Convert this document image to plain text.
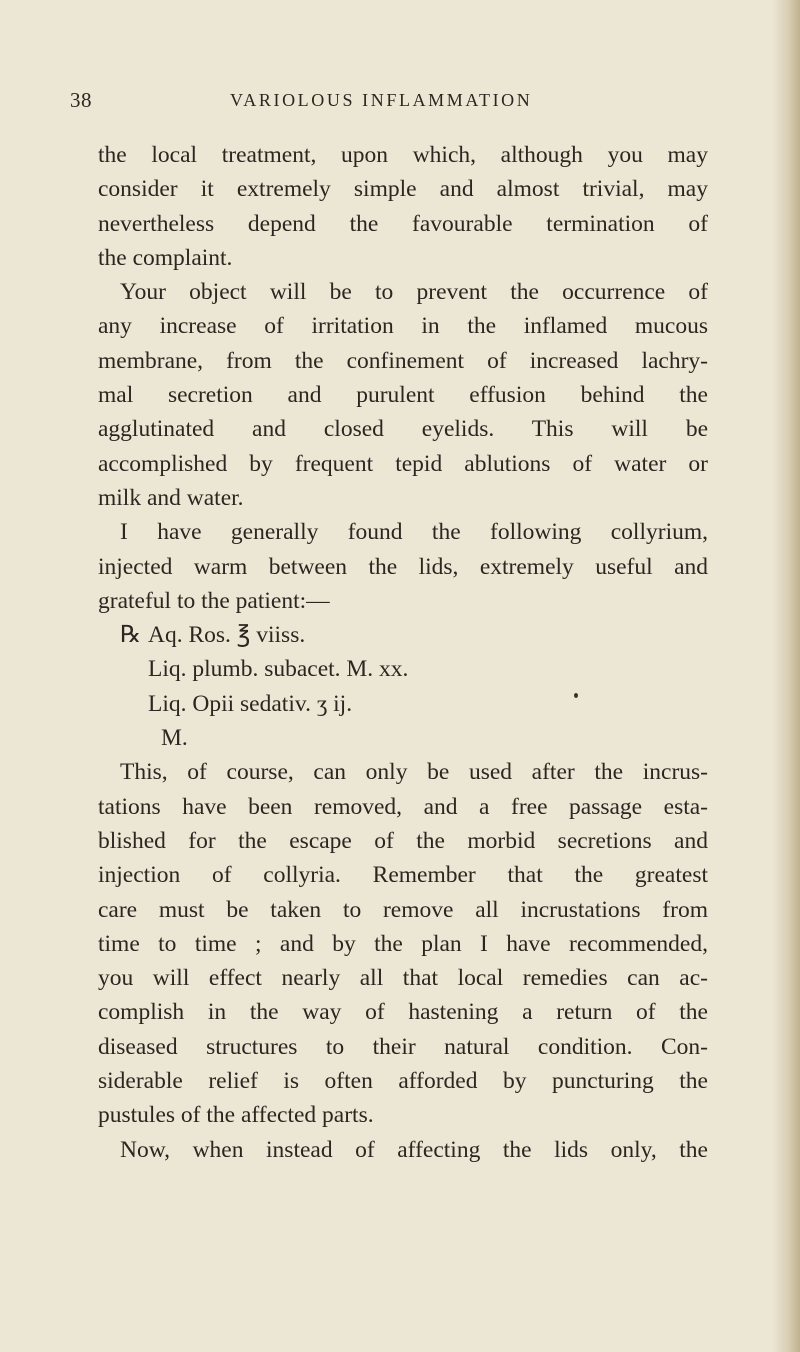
38	VARIOLOUS INFLAMMATION
the local treatment, upon which, although you may
consider it extremely simple and almost trivial, may
nevertheless depend the favourable termination of
the complaint.
Your object will be to prevent the occurrence of
any increase of irritation in the inflamed mucous
membrane, from the confinement of increased lachry-
mal secretion and purulent effusion behind the
agglutinated and closed eyelids. This will be
accomplished by frequent tepid ablutions of water or
milk and water.
I have generally found the following collyrium,
injected warm between the lids, extremely useful and
grateful to the patient:—
℞ Aq. Ros. ℥ viiss.
Liq. plumb. subacet. M. xx.
Liq. Opii sedativ. ʒ ij.
M.
This, of course, can only be used after the incrus-
tations have been removed, and a free passage esta-
blished for the escape of the morbid secretions and
injection of collyria. Remember that the greatest
care must be taken to remove all incrustations from
time to time ; and by the plan I have recommended,
you will effect nearly all that local remedies can ac-
complish in the way of hastening a return of the
diseased structures to their natural condition. Con-
siderable relief is often afforded by puncturing the
pustules of the affected parts.
Now, when instead of affecting the lids only, the
